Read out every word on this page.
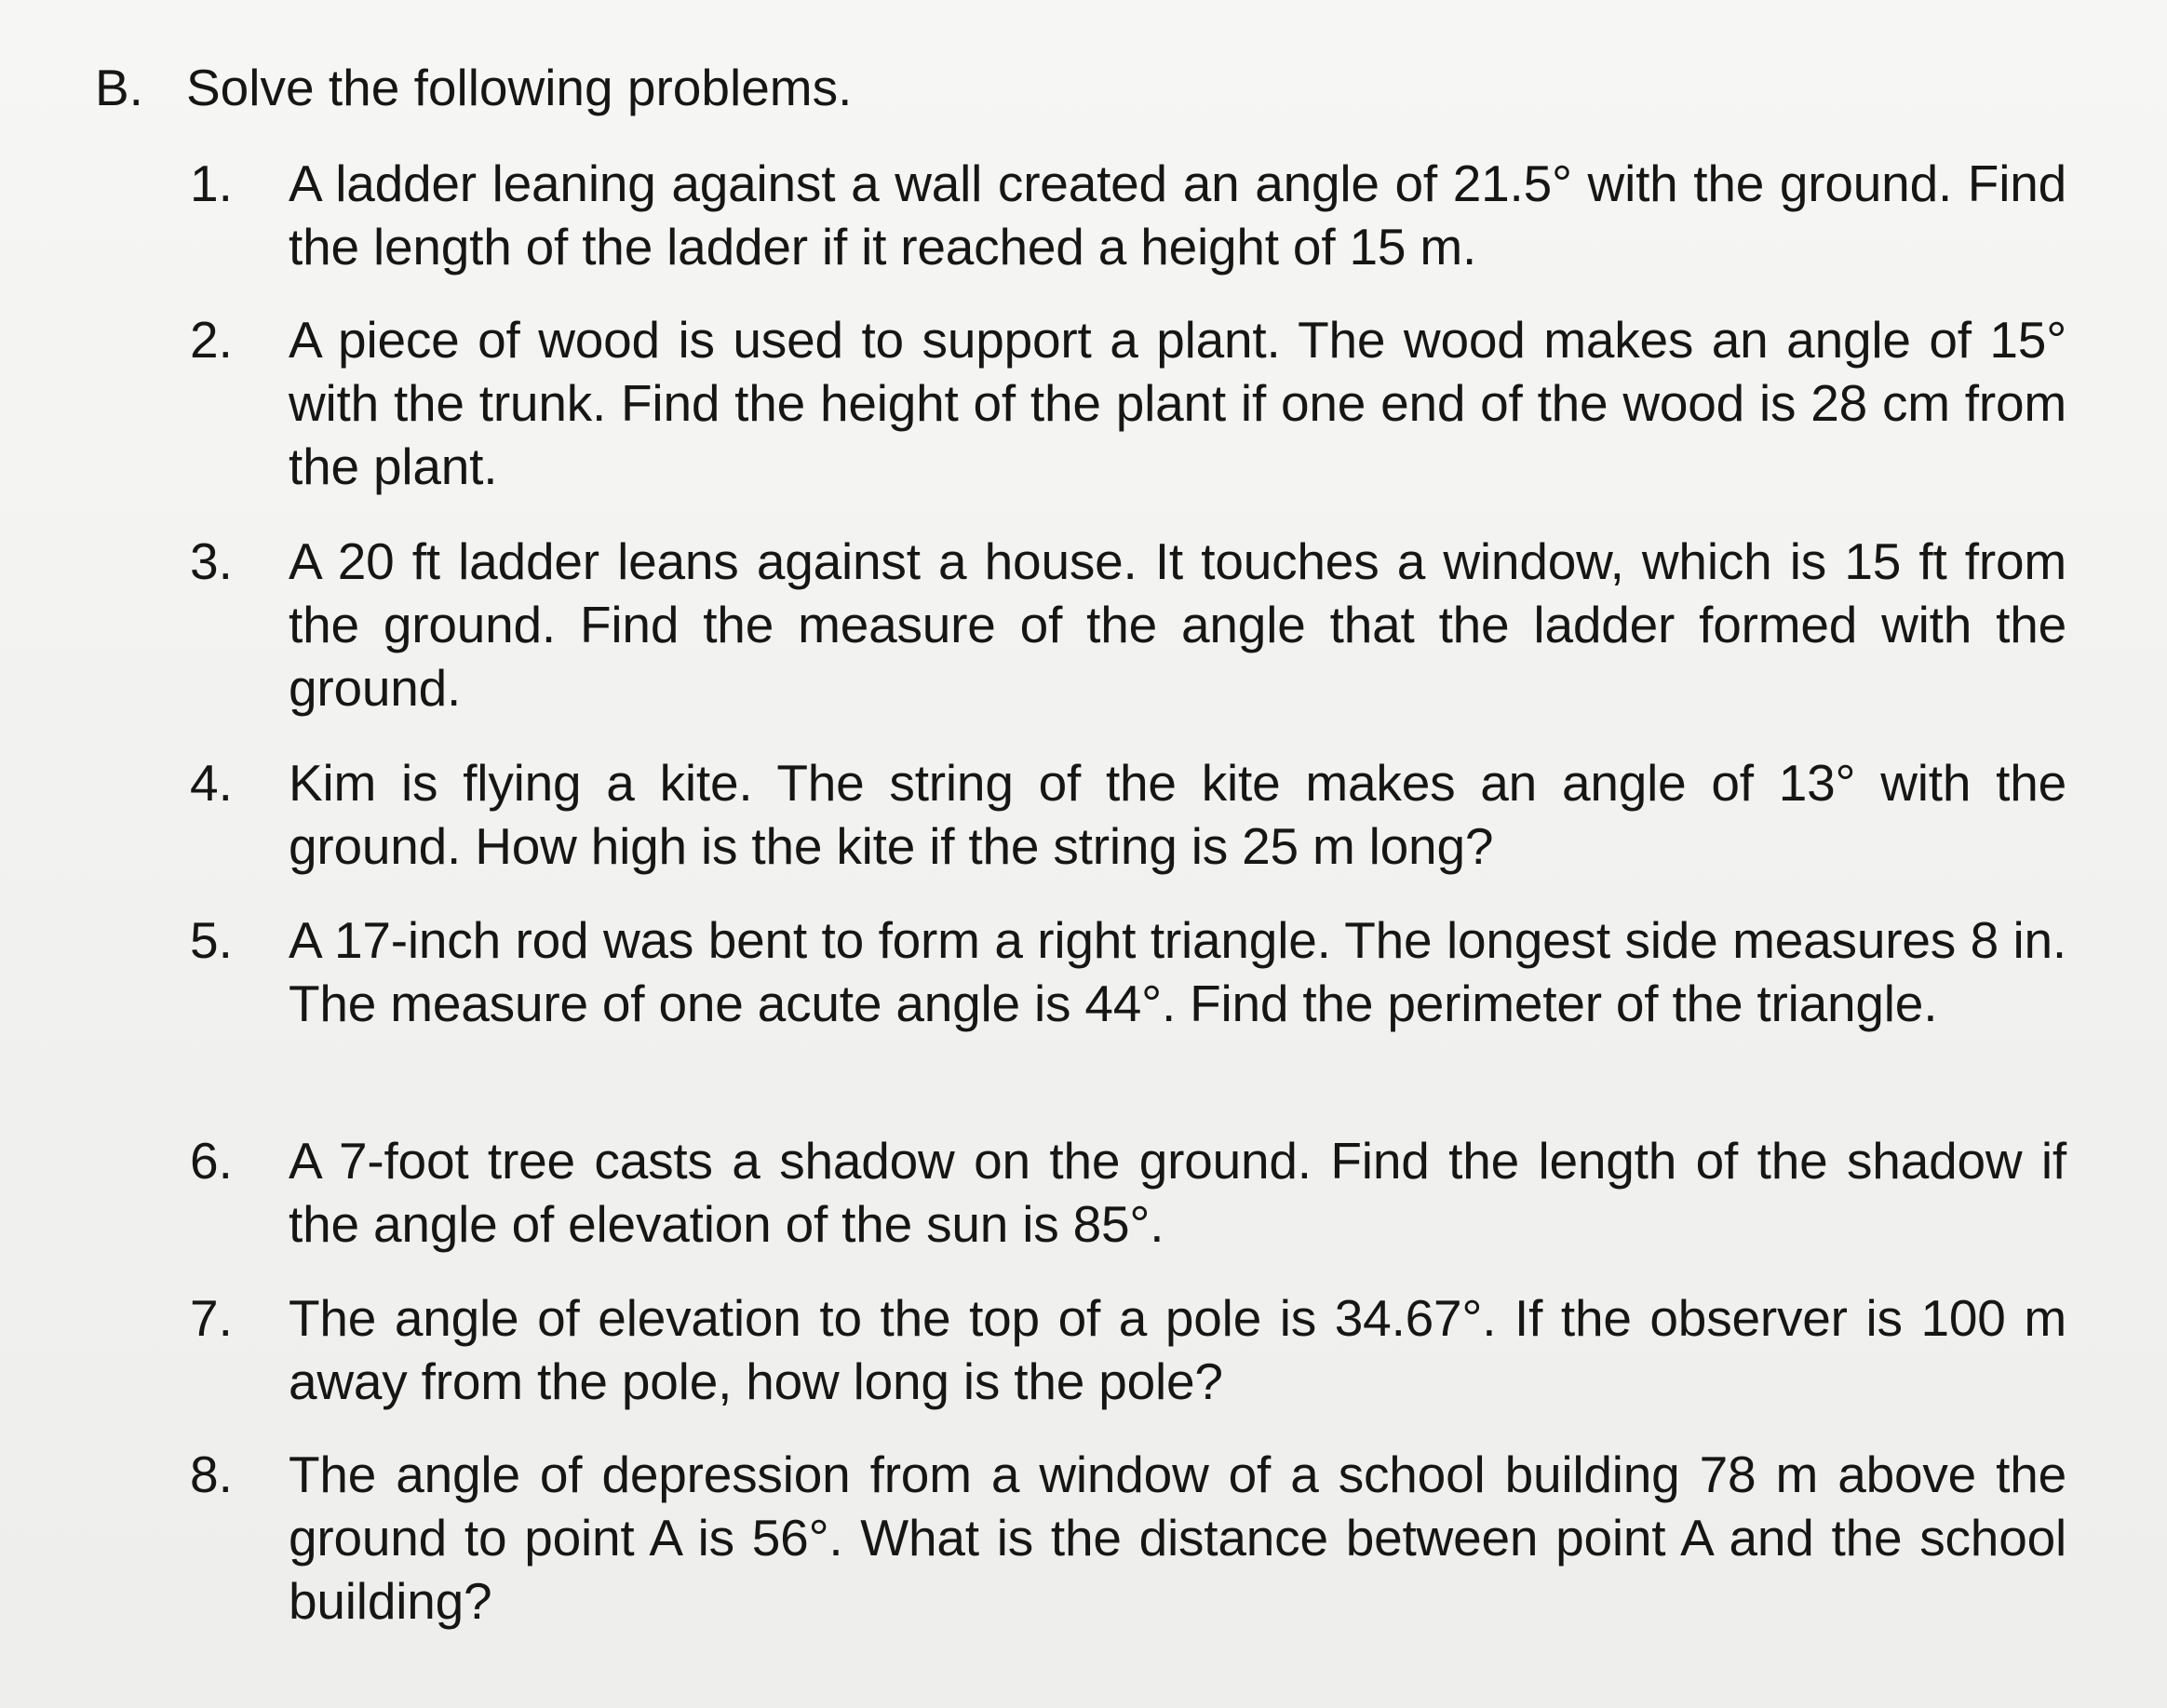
B. Solve the following problems.
1.	A ladder leaning against a wall created an angle of 21.5° with the ground. Find the length of the ladder if it reached a height of 15 m.
2.	A piece of wood is used to support a plant. The wood makes an angle of 15° with the trunk. Find the height of the plant if one end of the wood is 28 cm from the plant.
3.	A 20 ft ladder leans against a house. It touches a window, which is 15 ft from the ground. Find the measure of the angle that the ladder formed with the ground.
4.	Kim is flying a kite. The string of the kite makes an angle of 13° with the ground. How high is the kite if the string is 25 m long?
5.	A 17-inch rod was bent to form a right triangle. The longest side measures 8 in. The measure of one acute angle is 44°. Find the perimeter of the triangle.
6.	A 7-foot tree casts a shadow on the ground. Find the length of the shadow if the angle of elevation of the sun is 85°.
7.	The angle of elevation to the top of a pole is 34.67°. If the observer is 100 m away from the pole, how long is the pole?
8.	The angle of depression from a window of a school building 78 m above the ground to point A is 56°. What is the distance between point A and the school building?
